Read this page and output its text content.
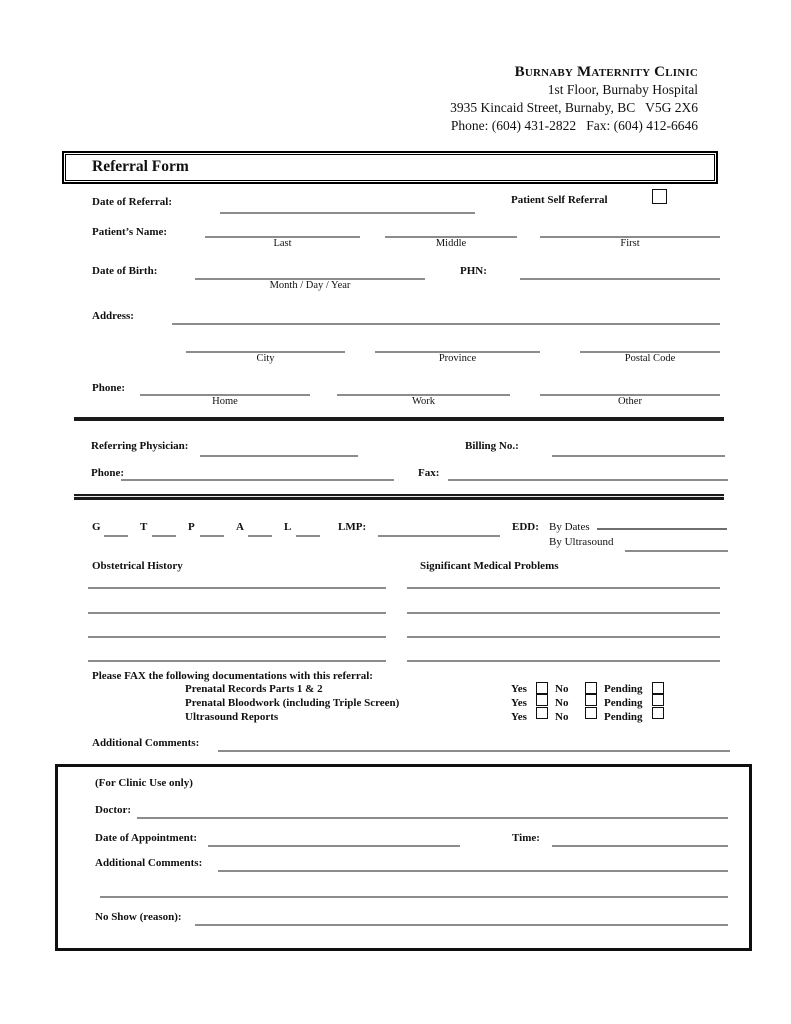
Burnaby Maternity Clinic
1st Floor, Burnaby Hospital
3935 Kincaid Street, Burnaby, BC   V5G 2X6
Phone: (604) 431-2822   Fax: (604) 412-6646
Referral Form
Date of Referral:	Patient Self Referral
Patient’s Name:
Last	Middle	First
Date of Birth:
Month / Day / Year
PHN:
Address:
City	Province	Postal Code
Phone:
Home	Work	Other
Referring Physician:	Billing No.:
Phone:	Fax:
G	T	P	A	L	LMP:	EDD: By Dates
By Ultrasound
Obstetrical History	Significant Medical Problems
Please FAX the following documentations with this referral:
Prenatal Records Parts 1 & 2	Yes	No	Pending
Prenatal Bloodwork (including Triple Screen)	Yes	No	Pending
Ultrasound Reports	Yes	No	Pending
Additional Comments:
(For Clinic Use only)
Doctor:
Date of Appointment:	Time:
Additional Comments:
No Show (reason):
